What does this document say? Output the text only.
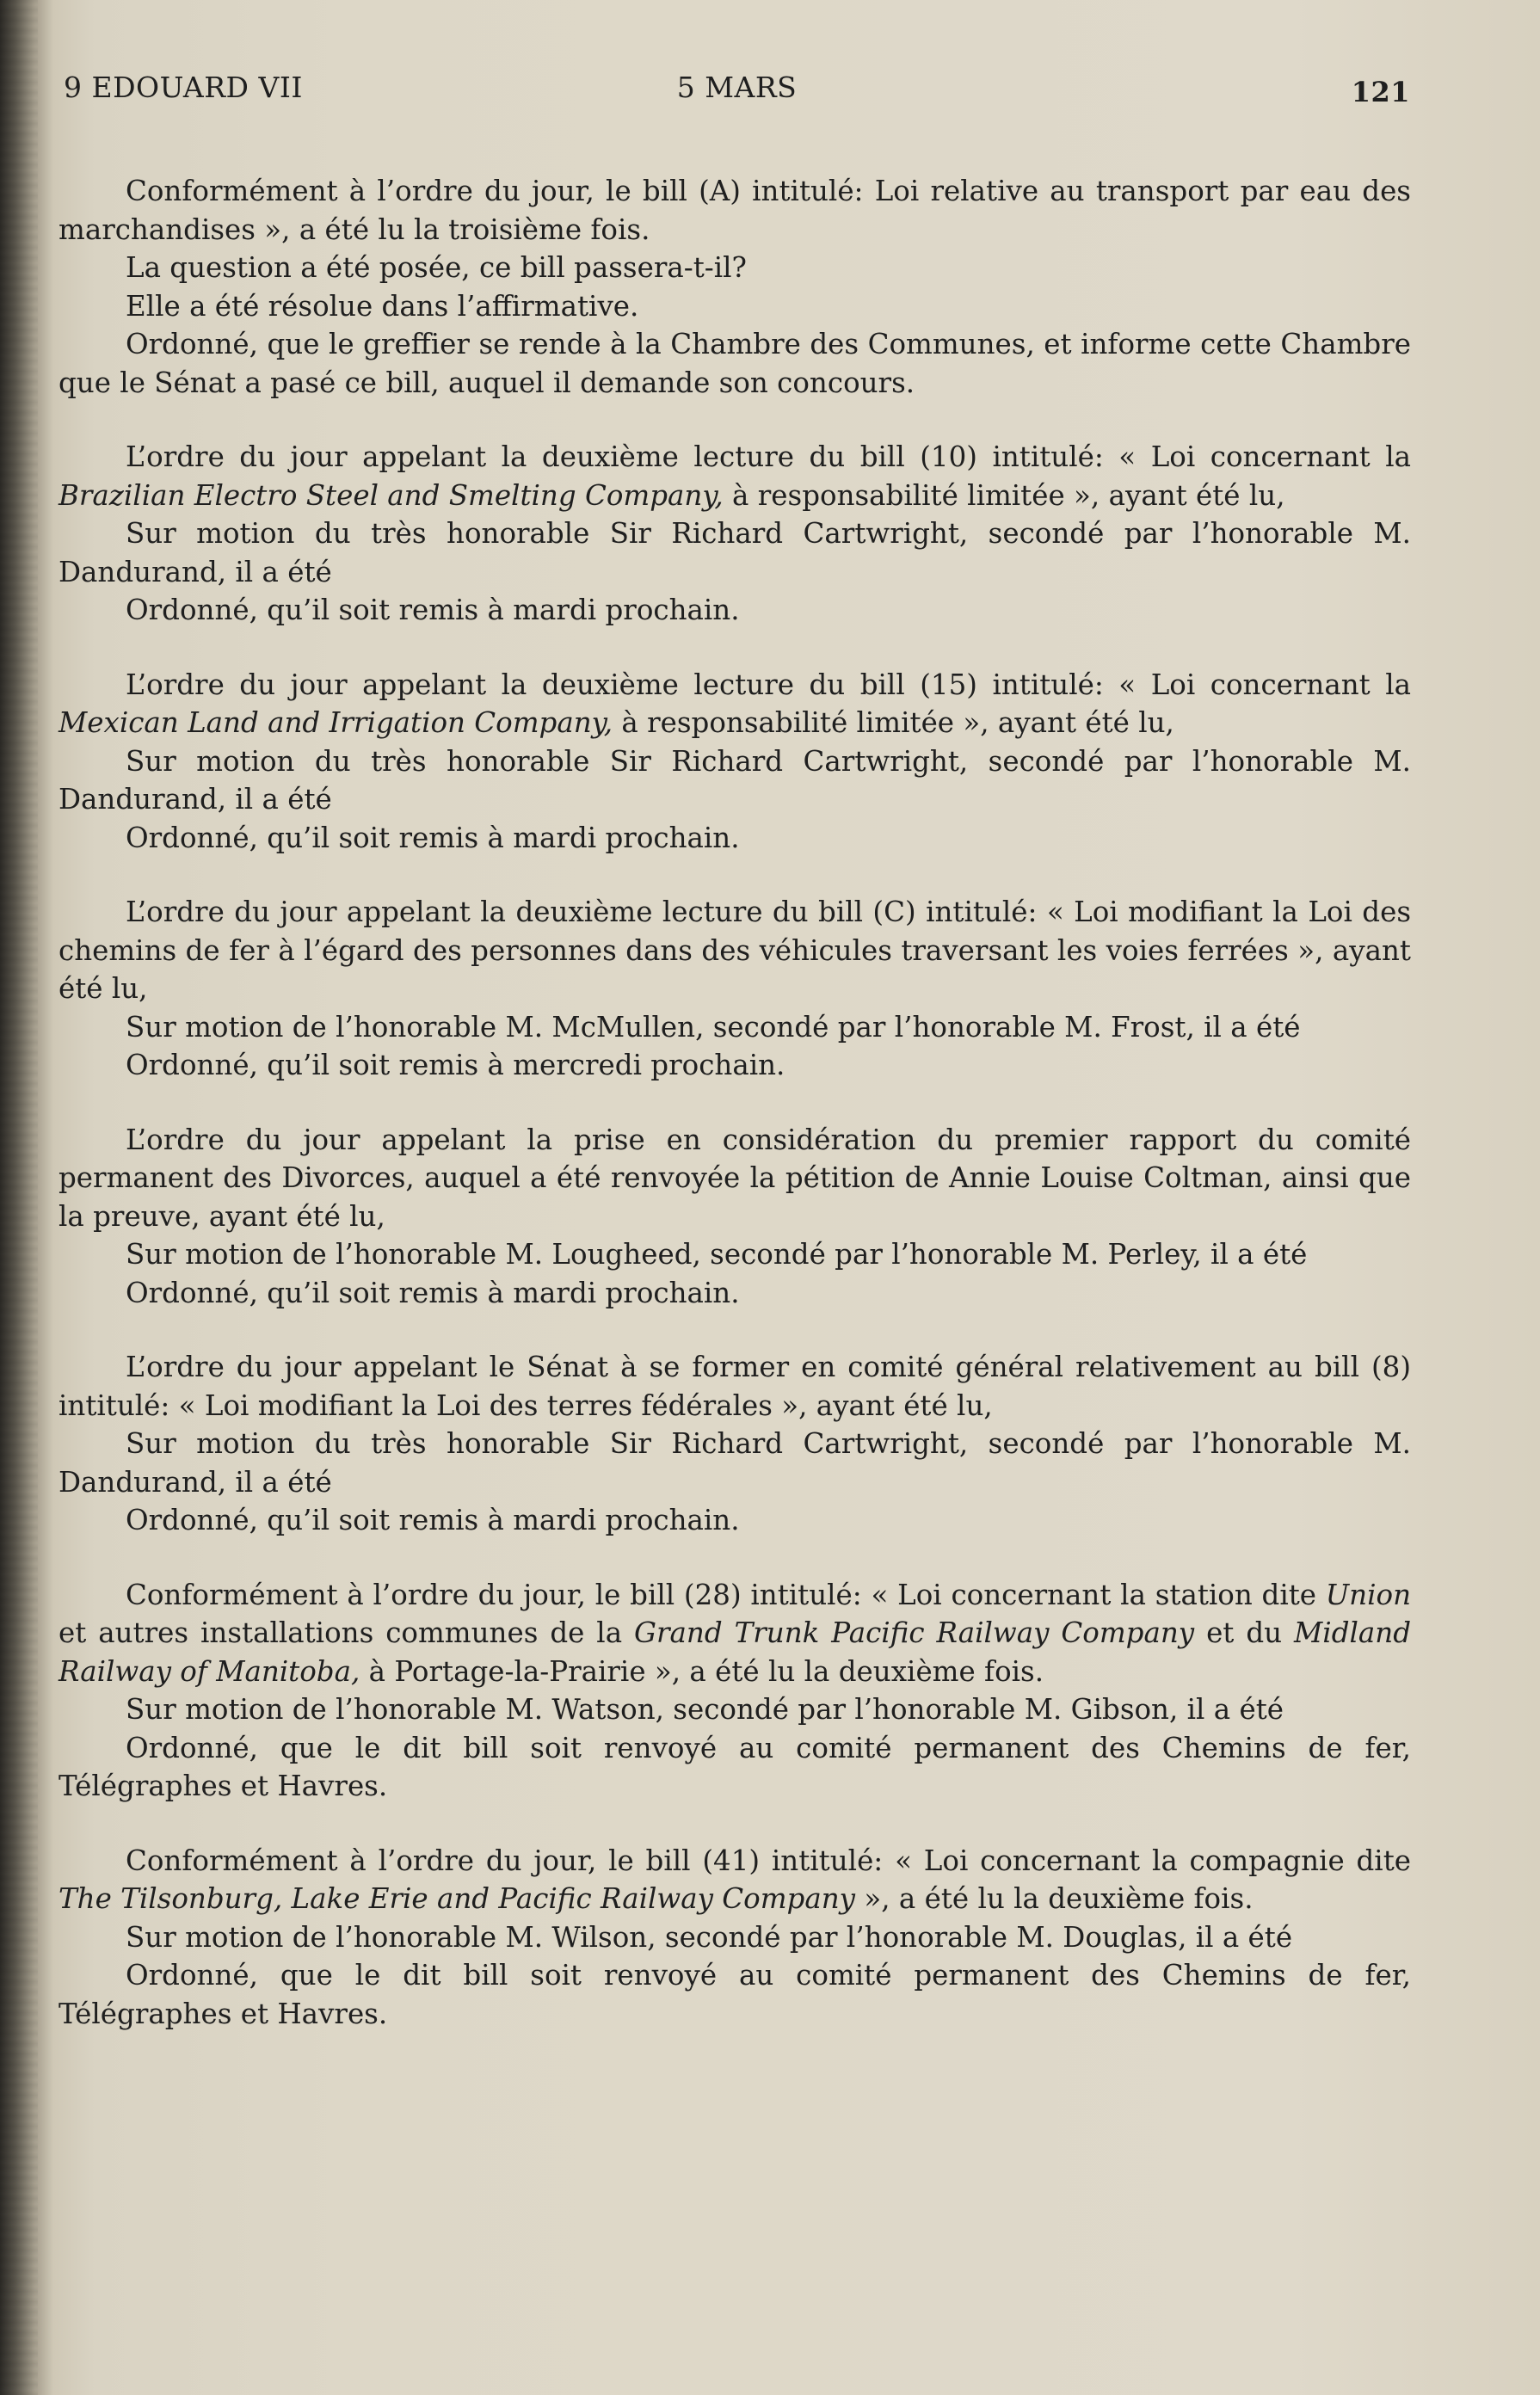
9 EDOUARD VII	5 MARS	121

Conformément à l’ordre du jour, le bill (A) intitulé: Loi relative au transport par eau des marchandises », a été lu la troisième fois.

La question a été posée, ce bill passera-t-il?

Elle a été résolue dans l’affirmative.

Ordonné, que le greffier se rende à la Chambre des Communes, et informe cette Chambre que le Sénat a pasé ce bill, auquel il demande son concours.

L’ordre du jour appelant la deuxième lecture du bill (10) intitulé: « Loi concernant la Brazilian Electro Steel and Smelting Company, à responsabilité limitée », ayant été lu,

Sur motion du très honorable Sir Richard Cartwright, secondé par l’honorable M. Dandurand, il a été

Ordonné, qu’il soit remis à mardi prochain.

L’ordre du jour appelant la deuxième lecture du bill (15) intitulé: « Loi concernant la Mexican Land and Irrigation Company, à responsabilité limitée », ayant été lu,

Sur motion du très honorable Sir Richard Cartwright, secondé par l’honorable M. Dandurand, il a été

Ordonné, qu’il soit remis à mardi prochain.

L’ordre du jour appelant la deuxième lecture du bill (C) intitulé: « Loi modifiant la Loi des chemins de fer à l’égard des personnes dans des véhicules traversant les voies ferrées », ayant été lu,

Sur motion de l’honorable M. McMullen, secondé par l’honorable M. Frost, il a été

Ordonné, qu’il soit remis à mercredi prochain.

L’ordre du jour appelant la prise en considération du premier rapport du comité permanent des Divorces, auquel a été renvoyée la pétition de Annie Louise Coltman, ainsi que la preuve, ayant été lu,

Sur motion de l’honorable M. Lougheed, secondé par l’honorable M. Perley, il a été

Ordonné, qu’il soit remis à mardi prochain.

L’ordre du jour appelant le Sénat à se former en comité général relativement au bill (8) intitulé: « Loi modifiant la Loi des terres fédérales », ayant été lu,

Sur motion du très honorable Sir Richard Cartwright, secondé par l’honorable M. Dandurand, il a été

Ordonné, qu’il soit remis à mardi prochain.

Conformément à l’ordre du jour, le bill (28) intitulé: « Loi concernant la station dite Union et autres installations communes de la Grand Trunk Pacific Railway Company et du Midland Railway of Manitoba, à Portage-la-Prairie », a été lu la deuxième fois.

Sur motion de l’honorable M. Watson, secondé par l’honorable M. Gibson, il a été

Ordonné, que le dit bill soit renvoyé au comité permanent des Chemins de fer, Télégraphes et Havres.

Conformément à l’ordre du jour, le bill (41) intitulé: « Loi concernant la compagnie dite The Tilsonburg, Lake Erie and Pacific Railway Company », a été lu la deuxième fois.

Sur motion de l’honorable M. Wilson, secondé par l’honorable M. Douglas, il a été

Ordonné, que le dit bill soit renvoyé au comité permanent des Chemins de fer, Télégraphes et Havres.
